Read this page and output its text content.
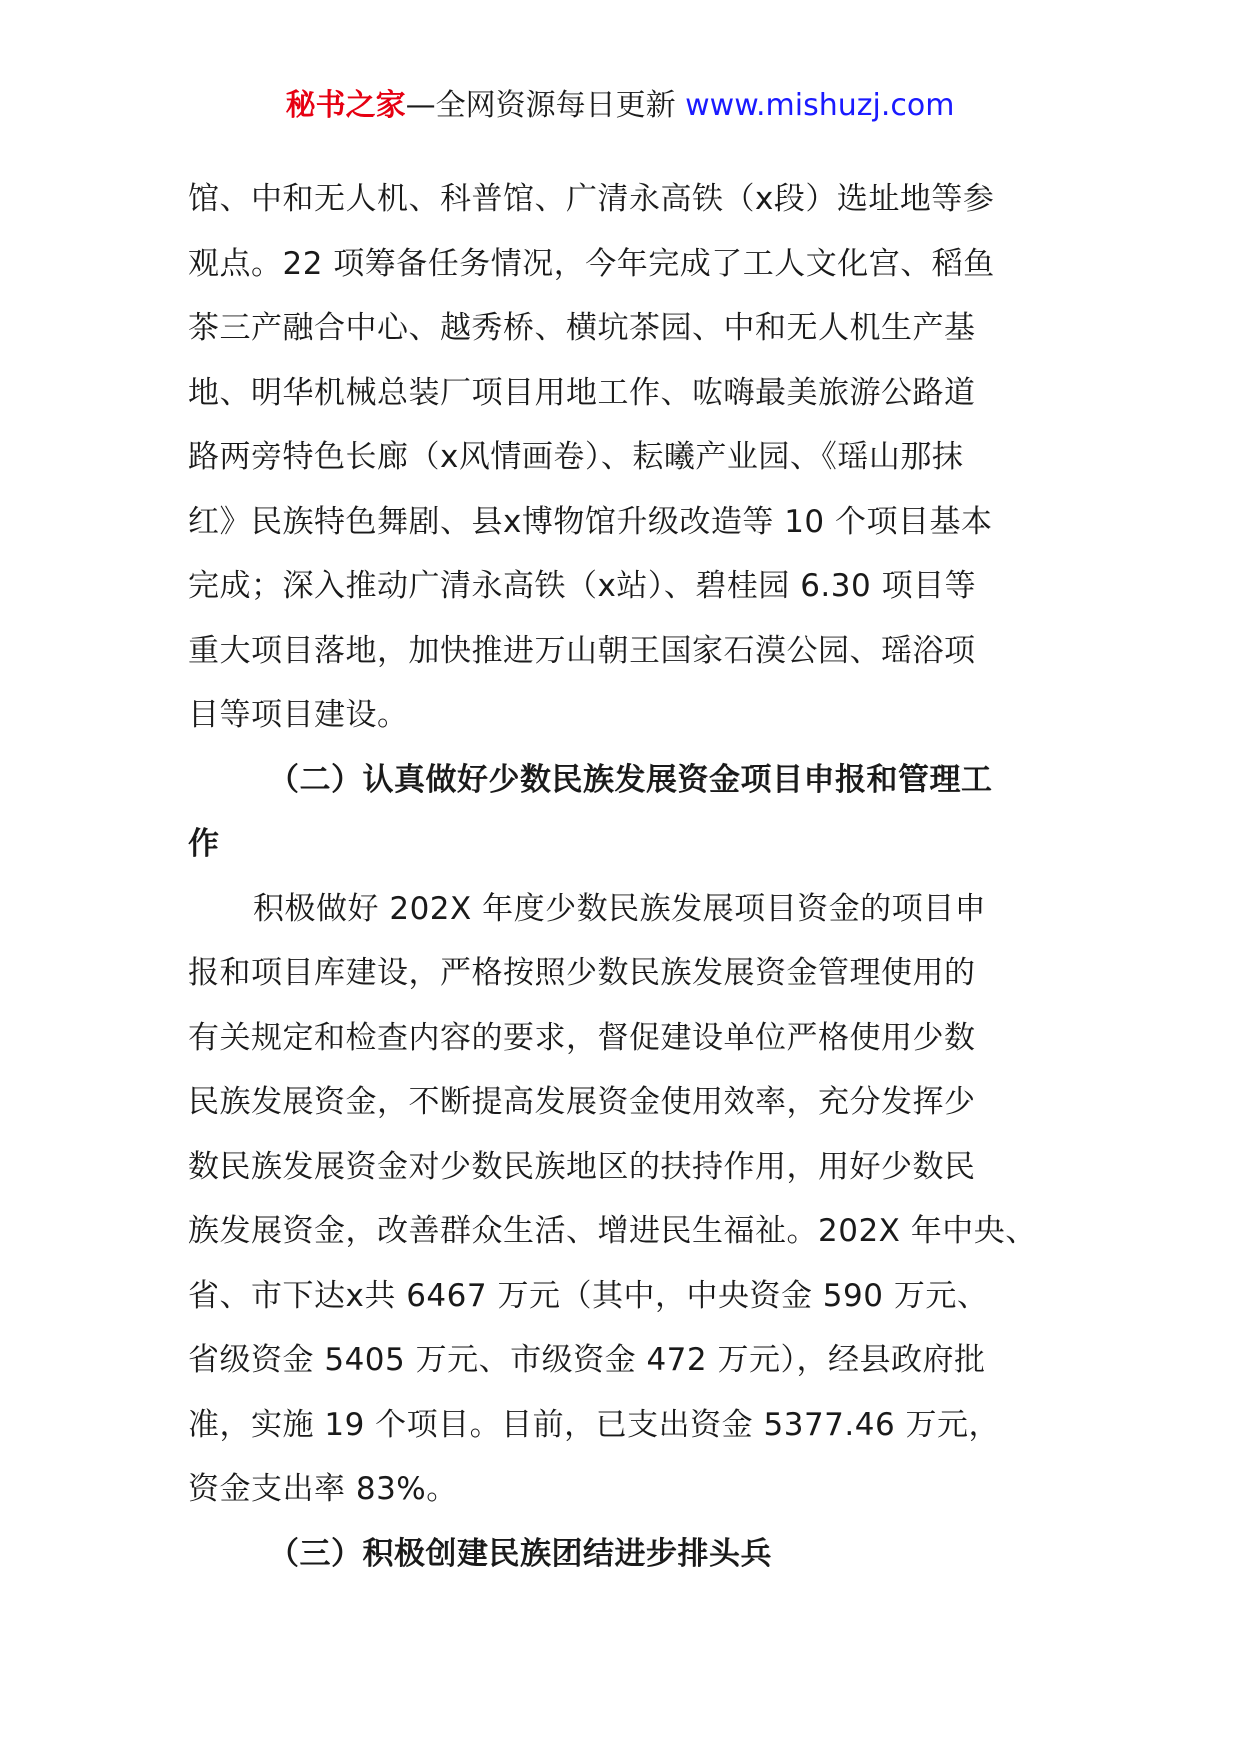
秘书之家—全网资源每日更新 www.mishuzj.com
馆、中和无人机、科普馆、广清永高铁（x段）选址地等参
观点。22 项筹备任务情况，今年完成了工人文化宫、稻鱼
茶三产融合中心、越秀桥、横坑茶园、中和无人机生产基
地、明华机械总装厂项目用地工作、吰嗨最美旅游公路道
路两旁特色长廊（x风情画卷）、耘曦产业园、《瑶山那抹
红》民族特色舞剧、县x博物馆升级改造等 10 个项目基本
完成；深入推动广清永高铁（x站）、碧桂园 6.30 项目等
重大项目落地，加快推进万山朝王国家石漠公园、瑶浴项
目等项目建设。
（二）认真做好少数民族发展资金项目申报和管理工
作
积极做好 202X 年度少数民族发展项目资金的项目申
报和项目库建设，严格按照少数民族发展资金管理使用的
有关规定和检查内容的要求，督促建设单位严格使用少数
民族发展资金，不断提高发展资金使用效率，充分发挥少
数民族发展资金对少数民族地区的扶持作用，用好少数民
族发展资金，改善群众生活、增进民生福祉。202X 年中央、
省、市下达x共 6467 万元（其中，中央资金 590 万元、
省级资金 5405 万元、市级资金 472 万元），经县政府批
准，实施 19 个项目。目前，已支出资金 5377.46 万元，
资金支出率 83%。
（三）积极创建民族团结进步排头兵
